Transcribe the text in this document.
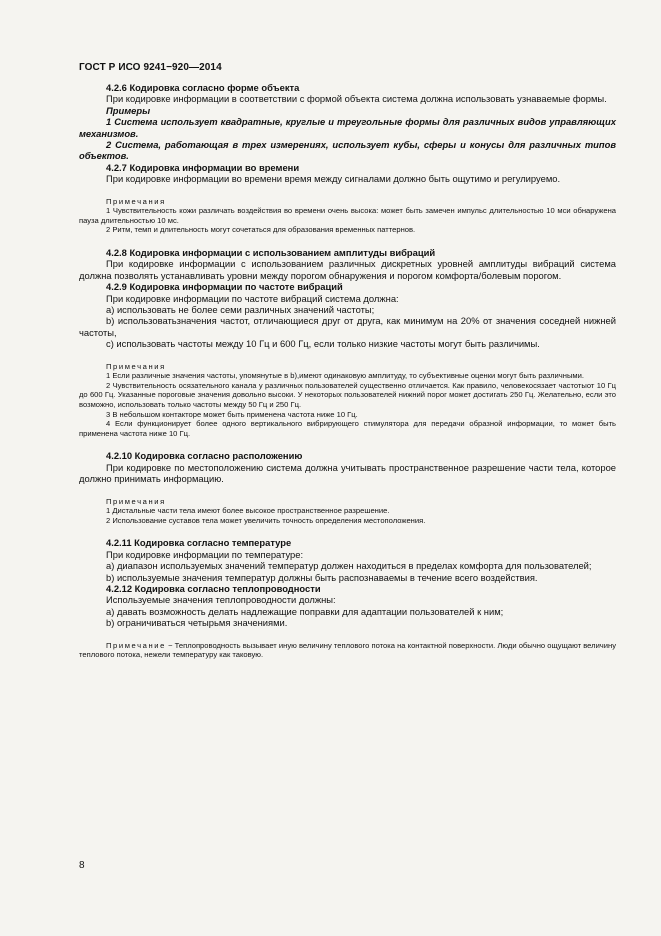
ГОСТ Р ИСО 9241−920—2014

4.2.6 Кодировка согласно форме объекта

При кодировке информации в соответствии с формой объекта система должна использовать узнаваемые формы.

Примеры

1 Система использует квадратные, круглые и треугольные формы для различных видов управляющих механизмов.

2 Система, работающая в трех измерениях, использует кубы, сферы и конусы для различных типов объектов.

4.2.7 Кодировка информации во времени

При кодировке информации во времени время между сигналами должно быть ощутимо и регулируемо.

Примечания

1 Чувствительность кожи различать воздействия во времени очень высока: может быть замечен импульс длительностью 10 мси обнаружена пауза длительностью 10 мс.

2 Ритм, темп и длительность могут сочетаться для образования временных паттернов.

4.2.8 Кодировка информации с использованием амплитуды вибраций

При кодировке информации с использованием различных дискретных уровней амплитуды вибраций система должна позволять устанавливать уровни между порогом обнаружения и порогом комфорта/болевым порогом.

4.2.9 Кодировка информации по частоте вибраций

При кодировке информации по частоте вибраций система должна:

а) использовать не более семи различных значений частоты;

b) использоватьзначения частот, отличающиеся друг от друга, как минимум на 20% от значения соседней нижней частоты,

c) использовать частоты между 10 Гц и 600 Гц, если только низкие частоты могут быть различимы.

Примечания

1 Если различные значения частоты, упомянутые в b),имеют одинаковую амплитуду, то субъективные оценки могут быть различными.

2 Чувствительность осязательного канала у различных пользователей существенно отличается. Как правило, человекосязает частотыот 10 Гц до 600 Гц. Указанные пороговые значения довольно высоки. У некоторых пользователей нижний порог может достигать 250 Гц. Желательно, если это возможно, использовать только частоты между 50 Гц и 250 Гц.

3 В небольшом контакторе может быть применена частота ниже 10 Гц.

4 Если функционирует более одного вертикального вибрирующего стимулятора для передачи образной информации, то может быть применена частота ниже 10 Гц.

4.2.10 Кодировка согласно расположению

При кодировке по местоположению система должна учитывать пространственное разрешение части тела, которое должно принимать информацию.

Примечания

1 Дистальные части тела имеют более высокое пространственное разрешение.

2 Использование суставов тела может увеличить точность определения местоположения.

4.2.11 Кодировка согласно температуре

При кодировке информации по температуре:

а) диапазон используемых значений температур должен находиться в пределах комфорта для пользователей;

b) используемые значения температур должны быть распознаваемы в течение всего воздействия.

4.2.12 Кодировка согласно теплопроводности

Используемые значения теплопроводности должны:

а) давать возможность делать надлежащие поправки для адаптации пользователей к ним;

b) ограничиваться четырьмя значениями.

Примечание − Теплопроводность вызывает иную величину теплового потока на контактной поверхности. Люди обычно ощущают величину теплового потока, нежели температуру как таковую.

8
